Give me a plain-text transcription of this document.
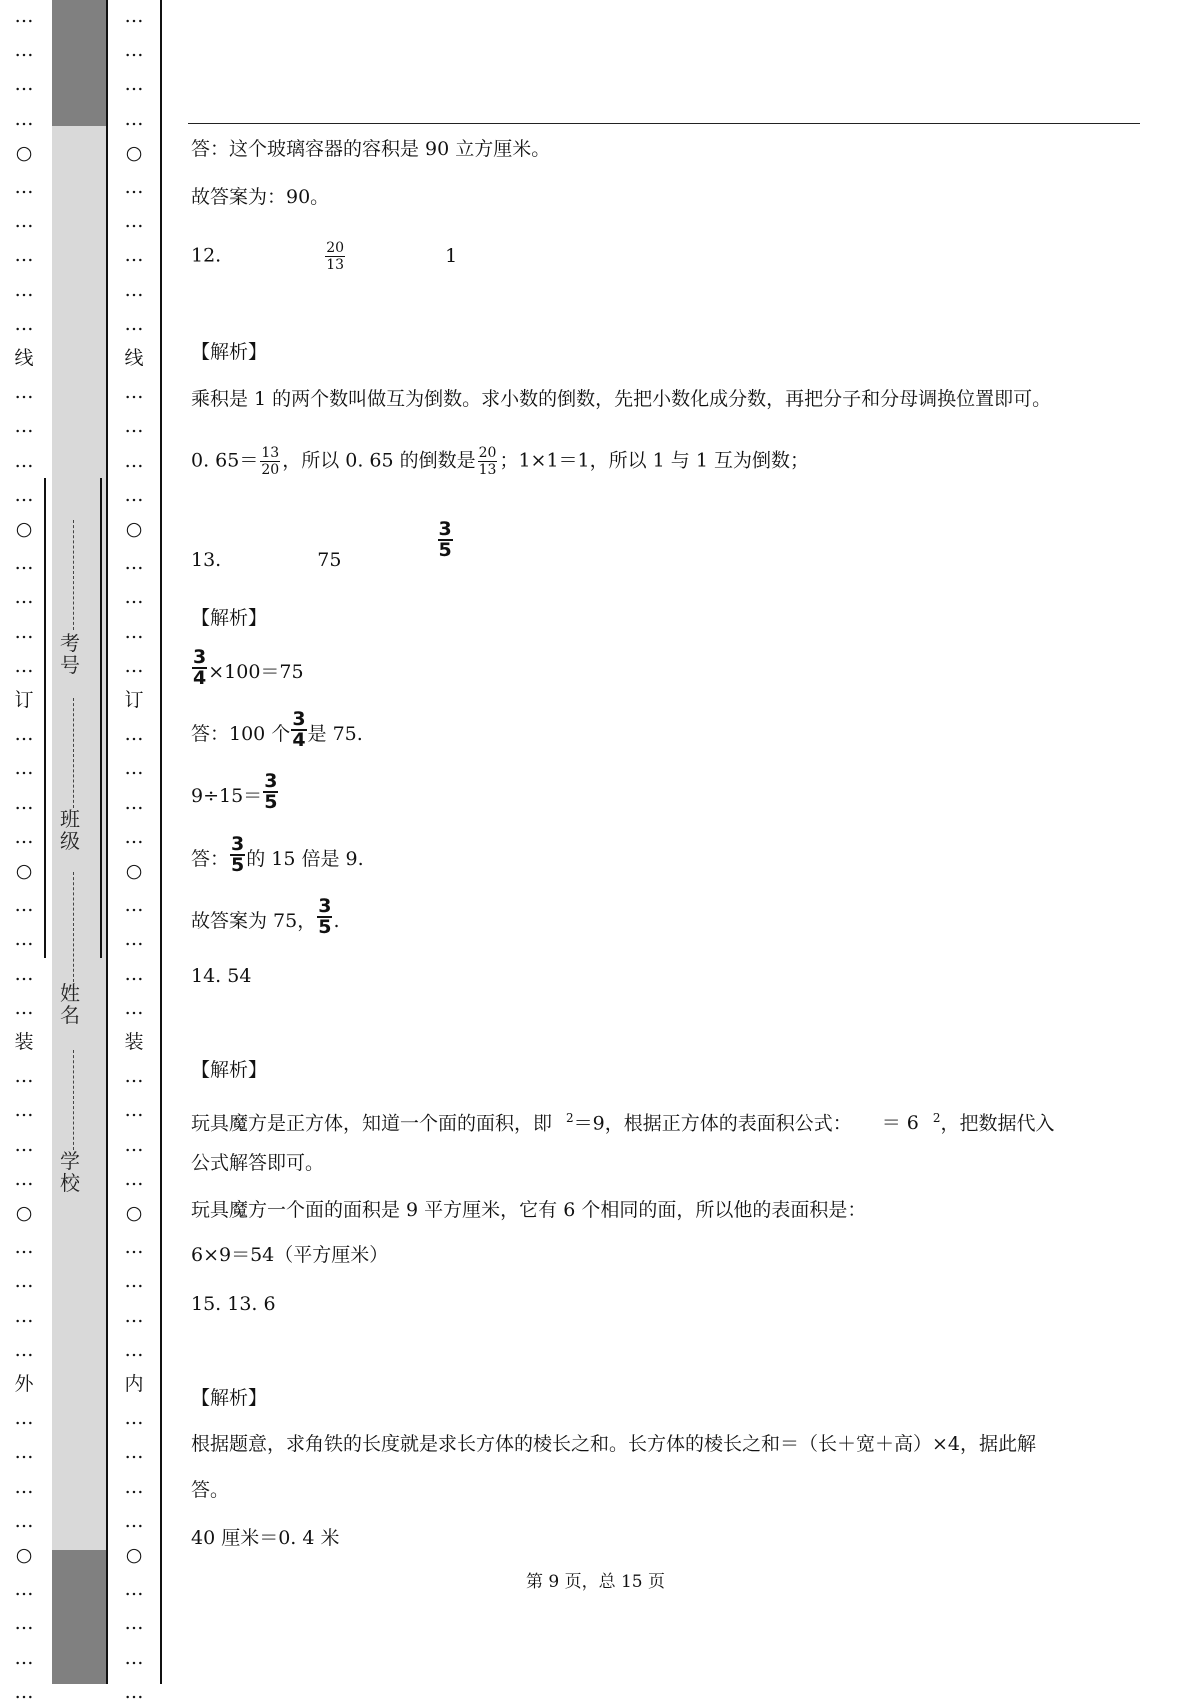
…
…
…
…
○
…
…
…
…
…
线
…
…
…
…
○
…
…
…
…
订
…
…
…
…
○
…
…
…
…
装
…
…
…
…
○
…
…
…
…
外
…
…
…
…
○
…
…
…
…
…
…
…
…
○
…
…
…
…
…
线
…
…
…
…
○
…
…
…
…
订
…
…
…
…
○
…
…
…
…
装
…
…
…
…
○
…
…
…
…
内
…
…
…
…
○
…
…
…
…
考号
班级
姓名
学校
答：这个玻璃容器的容积是 90 立方厘米。
故答案为：90。
12.	$\frac{20}{13}$	1
【解析】
乘积是 1 的两个数叫做互为倒数。求小数的倒数，先把小数化成分数，再把分子和分母调换位置即可。
0. $65= \frac{13}{20}$ ，所以 0. 65 的倒数是 $\frac{20}{13}$ ；1×1＝1，所以 1 与 1 互为倒数；
13.	75	$\frac{3}{5}$
【解析】
$\frac{3}{4} \times 100=75$
答：100 个 $\frac{3}{4}$ 是 75.
$9\div 15= \frac{3}{5}$
答： $\frac{3}{5}$ 的 15 倍是 9.
故答案为 75， $\frac{3}{5}$ .
14. 54
【解析】
玩具魔方是正方体，知道一个面的面积，即 $^2$＝9，根据正方体的表面积公式： ＝ 6 $^2$，把数据代入
公式解答即可。
玩具魔方一个面的面积是 9 平方厘米，它有 6 个相同的面，所以他的表面积是：
6×9＝54（平方厘米）
15. 13. 6
【解析】
根据题意，求角铁的长度就是求长方体的棱长之和。长方体的棱长之和＝（长＋宽＋高）×4，据此解
答。
40 厘米＝0. 4 米
第 9 页，总 15 页
